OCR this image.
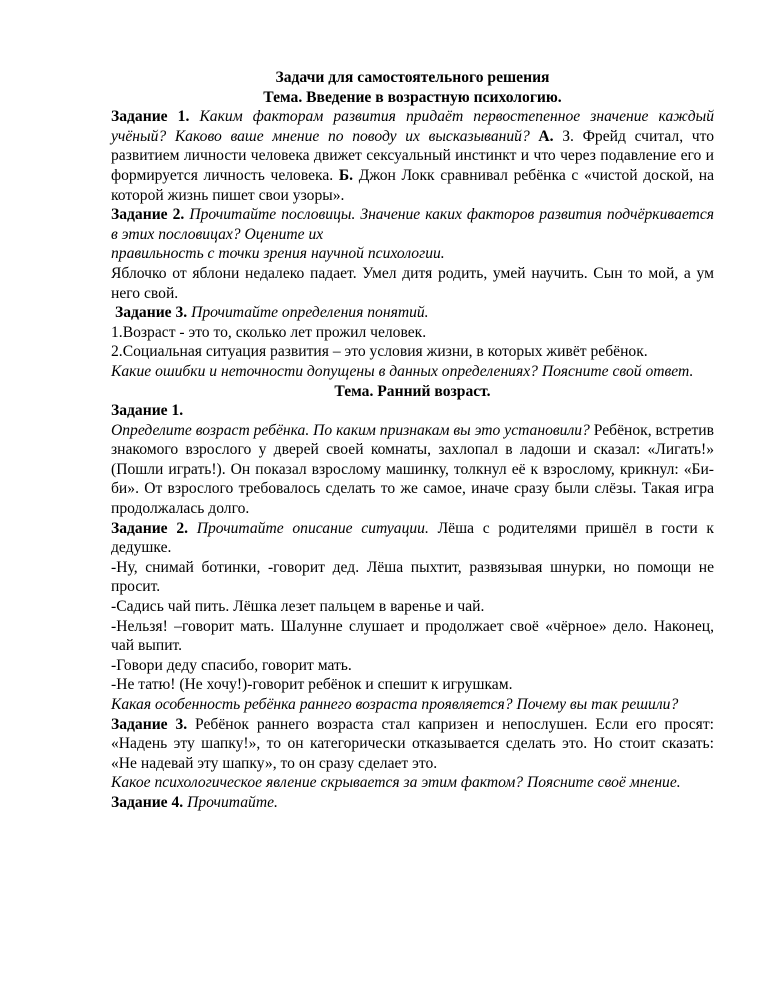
Задачи для самостоятельного решения
Тема. Введение в возрастную психологию.

Задание 1. Каким факторам развития придаёт первостепенное значение каждый учёный? Каково ваше мнение по поводу их высказываний? А. З. Фрейд считал, что развитием личности человека движет сексуальный инстинкт и что через подавление его и формируется личность человека. Б. Джон Локк сравнивал ребёнка с «чистой доской, на которой жизнь пишет свои узоры».

Задание 2. Прочитайте пословицы. Значение каких факторов развития подчёркивается в этих пословицах? Оцените их

правильность с точки зрения научной психологии.

Яблочко от яблони недалеко падает. Умел дитя родить, умей научить. Сын то мой, а ум него свой.

Задание 3. Прочитайте определения понятий.

1.Возраст - это то, сколько лет прожил человек.

2.Социальная ситуация развития – это условия жизни, в которых живёт ребёнок.

Какие ошибки и неточности допущены в данных определениях? Поясните свой ответ.

Тема. Ранний возраст.

Задание 1.

Определите возраст ребёнка. По каким признакам вы это установили? Ребёнок, встретив знакомого взрослого у дверей своей комнаты, захлопал в ладоши и сказал: «Лигать!» (Пошли играть!). Он показал взрослому машинку, толкнул её к взрослому, крикнул: «Би-би». От взрослого требовалось сделать то же самое, иначе сразу были слёзы. Такая игра продолжалась долго.

Задание 2. Прочитайте описание ситуации. Лёша с родителями пришёл в гости к дедушке.

-Ну, снимай ботинки, -говорит дед. Лёша пыхтит, развязывая шнурки, но помощи не просит.

-Садись чай пить. Лёшка лезет пальцем в варенье и чай.

-Нельзя! –говорит мать. Шалунне слушает и продолжает своё «чёрное» дело. Наконец, чай выпит.

-Говори деду спасибо, говорит мать.

-Не татю! (Не хочу!)-говорит ребёнок и спешит к игрушкам.

Какая особенность ребёнка раннего возраста проявляется? Почему вы так решили?

Задание 3. Ребёнок раннего возраста стал капризен и непослушен. Если его просят: «Надень эту шапку!», то он категорически отказывается сделать это. Но стоит сказать: «Не надевай эту шапку», то он сразу сделает это.

Какое психологическое явление скрывается за этим фактом? Поясните своё мнение.

Задание 4. Прочитайте.
